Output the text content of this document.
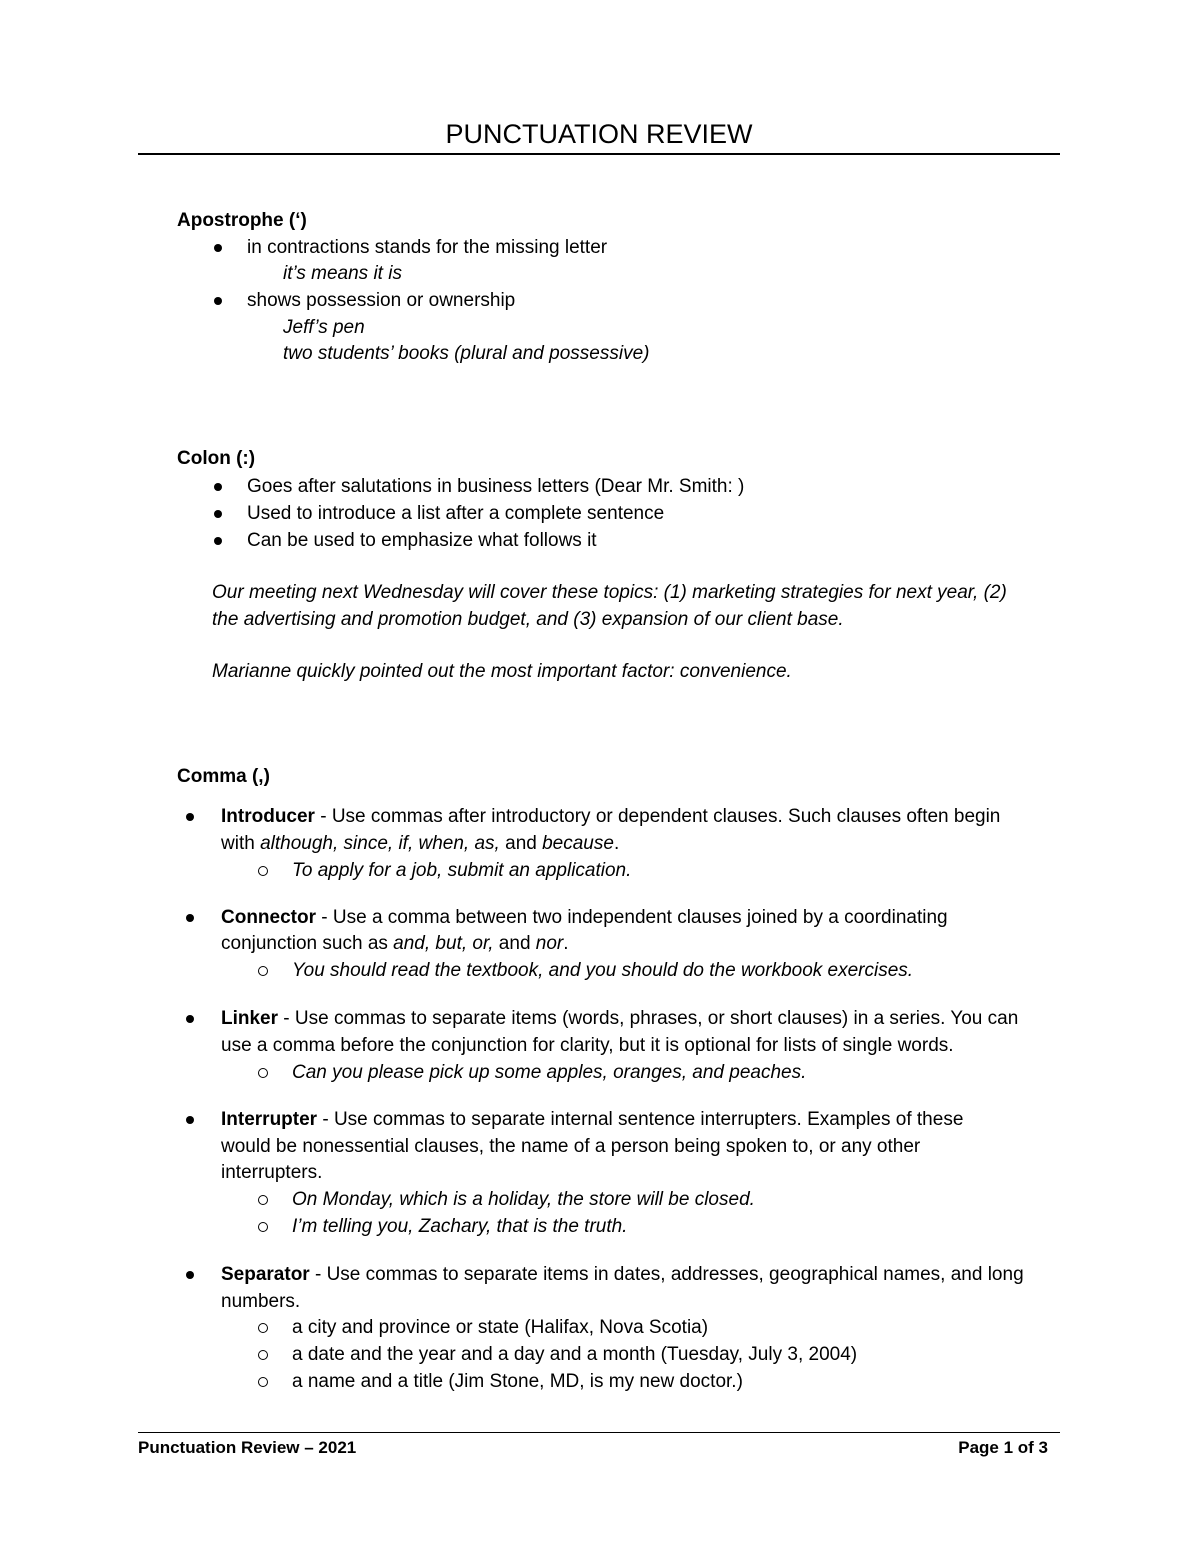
PUNCTUATION REVIEW
Apostrophe (‘)
in contractions stands for the missing letter
it’s means it is
shows possession or ownership
Jeff’s pen
two students’ books (plural and possessive)
Colon (:)
Goes after salutations in business letters (Dear Mr. Smith: )
Used to introduce a list after a complete sentence
Can be used to emphasize what follows it
Our meeting next Wednesday will cover these topics: (1) marketing strategies for next year, (2)
the advertising and promotion budget, and (3) expansion of our client base.
Marianne quickly pointed out the most important factor: convenience.
Comma (,)
Introducer - Use commas after introductory or dependent clauses. Such clauses often begin
with although, since, if, when, as, and because.
To apply for a job, submit an application.
Connector - Use a comma between two independent clauses joined by a coordinating
conjunction such as and, but, or, and nor.
You should read the textbook, and you should do the workbook exercises.
Linker - Use commas to separate items (words, phrases, or short clauses) in a series. You can
use a comma before the conjunction for clarity, but it is optional for lists of single words.
Can you please pick up some apples, oranges, and peaches.
Interrupter - Use commas to separate internal sentence interrupters. Examples of these
would be nonessential clauses, the name of a person being spoken to, or any other
interrupters.
On Monday, which is a holiday, the store will be closed.
I’m telling you, Zachary, that is the truth.
Separator - Use commas to separate items in dates, addresses, geographical names, and long
numbers.
a city and province or state (Halifax, Nova Scotia)
a date and the year and a day and a month (Tuesday, July 3, 2004)
a name and a title (Jim Stone, MD, is my new doctor.)
Punctuation Review – 2021	Page 1 of 3
